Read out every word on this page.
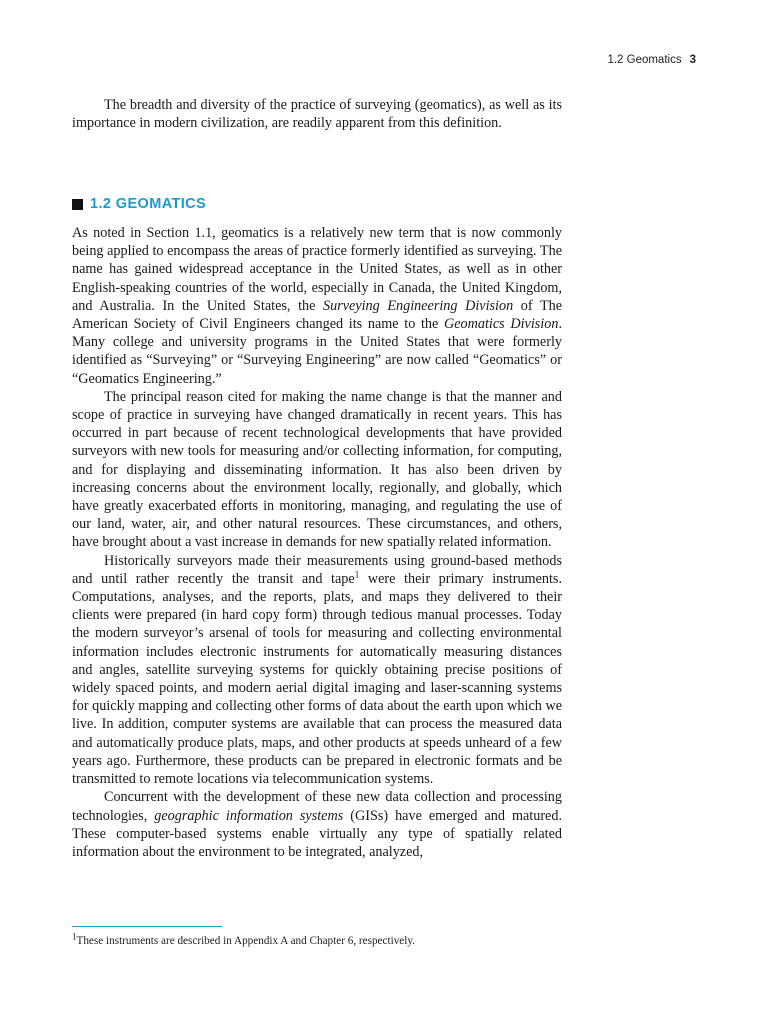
1.2 Geomatics 3

The breadth and diversity of the practice of surveying (geomatics), as well as its importance in modern civilization, are readily apparent from this definition.

1.2 GEOMATICS

As noted in Section 1.1, geomatics is a relatively new term that is now commonly being applied to encompass the areas of practice formerly identified as surveying. The name has gained widespread acceptance in the United States, as well as in other English-speaking countries of the world, especially in Canada, the United Kingdom, and Australia. In the United States, the Surveying Engineering Division of The American Society of Civil Engineers changed its name to the Geomatics Division. Many college and university programs in the United States that were formerly identified as “Surveying” or “Surveying Engineering” are now called “Geomatics” or “Geomatics Engineering.”

The principal reason cited for making the name change is that the manner and scope of practice in surveying have changed dramatically in recent years. This has occurred in part because of recent technological developments that have provided surveyors with new tools for measuring and/or collecting information, for computing, and for displaying and disseminating information. It has also been driven by increasing concerns about the environment locally, regionally, and globally, which have greatly exacerbated efforts in monitoring, managing, and regulating the use of our land, water, air, and other natural resources. These circumstances, and others, have brought about a vast increase in demands for new spatially related information.

Historically surveyors made their measurements using ground-based methods and until rather recently the transit and tape$^1$ were their primary instruments. Computations, analyses, and the reports, plats, and maps they delivered to their clients were prepared (in hard copy form) through tedious manual processes. Today the modern surveyor’s arsenal of tools for measuring and collecting environmental information includes electronic instruments for automatically measuring distances and angles, satellite surveying systems for quickly obtaining precise positions of widely spaced points, and modern aerial digital imaging and laser-scanning systems for quickly mapping and collecting other forms of data about the earth upon which we live. In addition, computer systems are available that can process the measured data and automatically produce plats, maps, and other products at speeds unheard of a few years ago. Furthermore, these products can be prepared in electronic formats and be transmitted to remote locations via telecommunication systems.

Concurrent with the development of these new data collection and processing technologies, geographic information systems (GISs) have emerged and matured. These computer-based systems enable virtually any type of spatially related information about the environment to be integrated, analyzed,

$^1$These instruments are described in Appendix A and Chapter 6, respectively.
